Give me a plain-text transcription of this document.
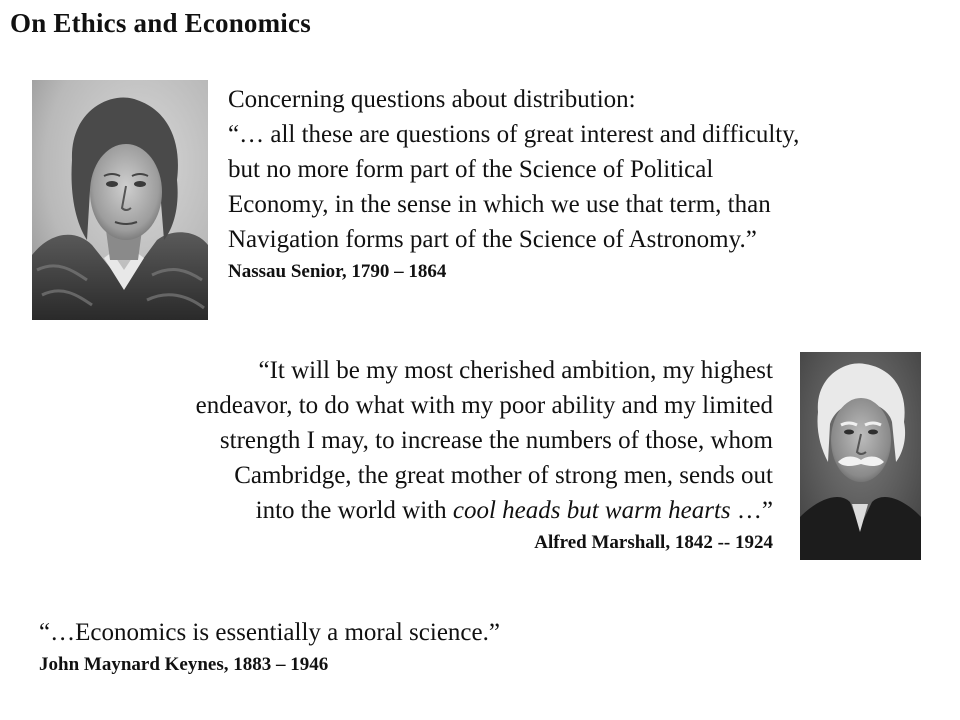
On Ethics and Economics
Concerning questions about distribution:
“… all these are questions of great interest and difficulty,
but no more form part of the Science of Political
Economy, in the sense in which we use that term, than
Navigation forms part of the Science of Astronomy.”
Nassau Senior, 1790 – 1864
“It will be my most cherished ambition, my highest
endeavor, to do what with my poor ability and my limited
strength I may, to increase the numbers of those, whom
Cambridge, the great mother of strong men, sends out
into the world with cool heads but warm hearts …”
Alfred Marshall, 1842 -- 1924
“…Economics is essentially a moral science.”
John Maynard Keynes, 1883 – 1946
